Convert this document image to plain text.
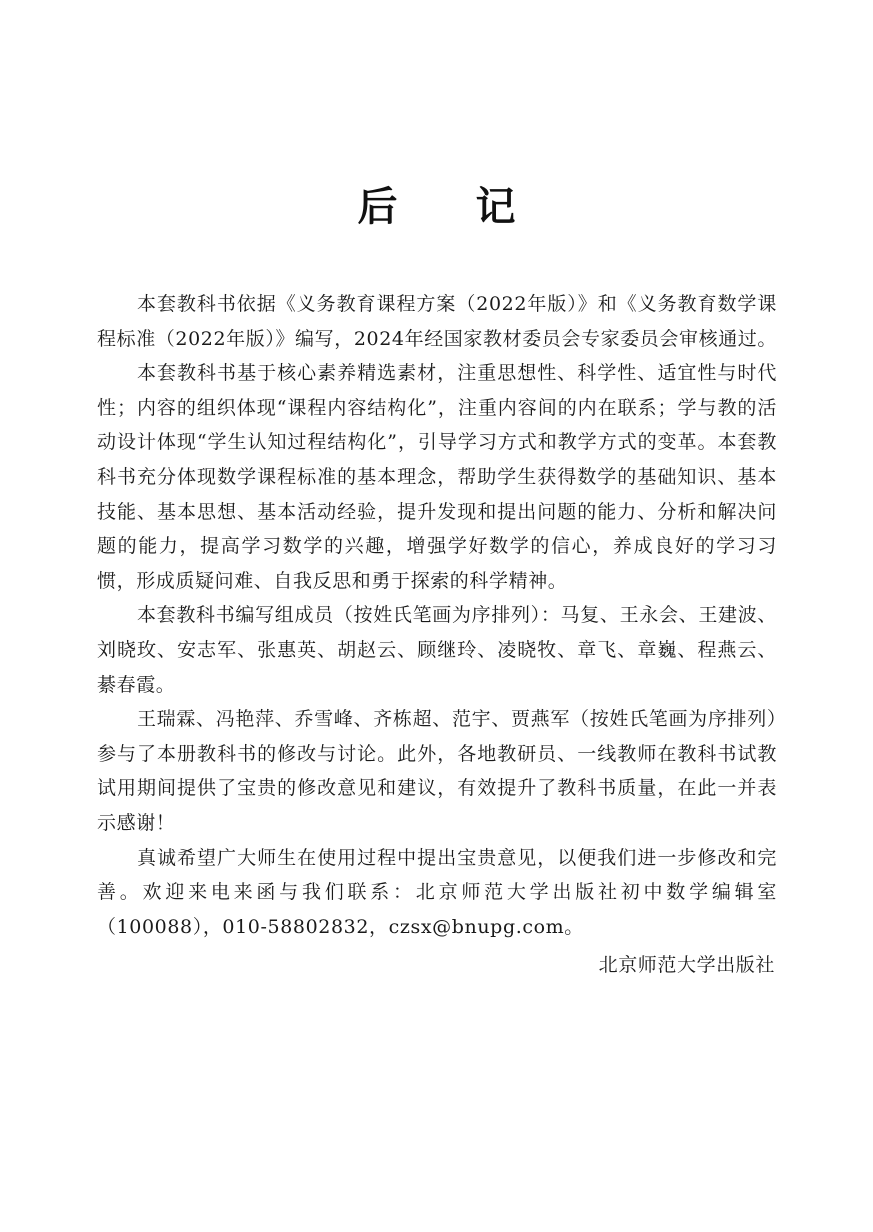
后记

本套教科书依据《义务教育课程方案（2022年版）》和《义务教育数学课程标准（2022年版）》编写，2024年经国家教材委员会专家委员会审核通过。

本套教科书基于核心素养精选素材，注重思想性、科学性、适宜性与时代性；内容的组织体现“课程内容结构化”，注重内容间的内在联系；学与教的活动设计体现“学生认知过程结构化”，引导学习方式和教学方式的变革。本套教科书充分体现数学课程标准的基本理念，帮助学生获得数学的基础知识、基本技能、基本思想、基本活动经验，提升发现和提出问题的能力、分析和解决问题的能力，提高学习数学的兴趣，增强学好数学的信心，养成良好的学习习惯，形成质疑问难、自我反思和勇于探索的科学精神。

本套教科书编写组成员（按姓氏笔画为序排列）：马复、王永会、王建波、刘晓玫、安志军、张惠英、胡赵云、顾继玲、凌晓牧、章飞、章巍、程燕云、綦春霞。

王瑞霖、冯艳萍、乔雪峰、齐栋超、范宇、贾燕军（按姓氏笔画为序排列）参与了本册教科书的修改与讨论。此外，各地教研员、一线教师在教科书试教试用期间提供了宝贵的修改意见和建议，有效提升了教科书质量，在此一并表示感谢！

真诚希望广大师生在使用过程中提出宝贵意见，以便我们进一步修改和完善。欢迎来电来函与我们联系：北京师范大学出版社初中数学编辑室（100088），010-58802832，czsx@bnupg.com。

北京师范大学出版社
